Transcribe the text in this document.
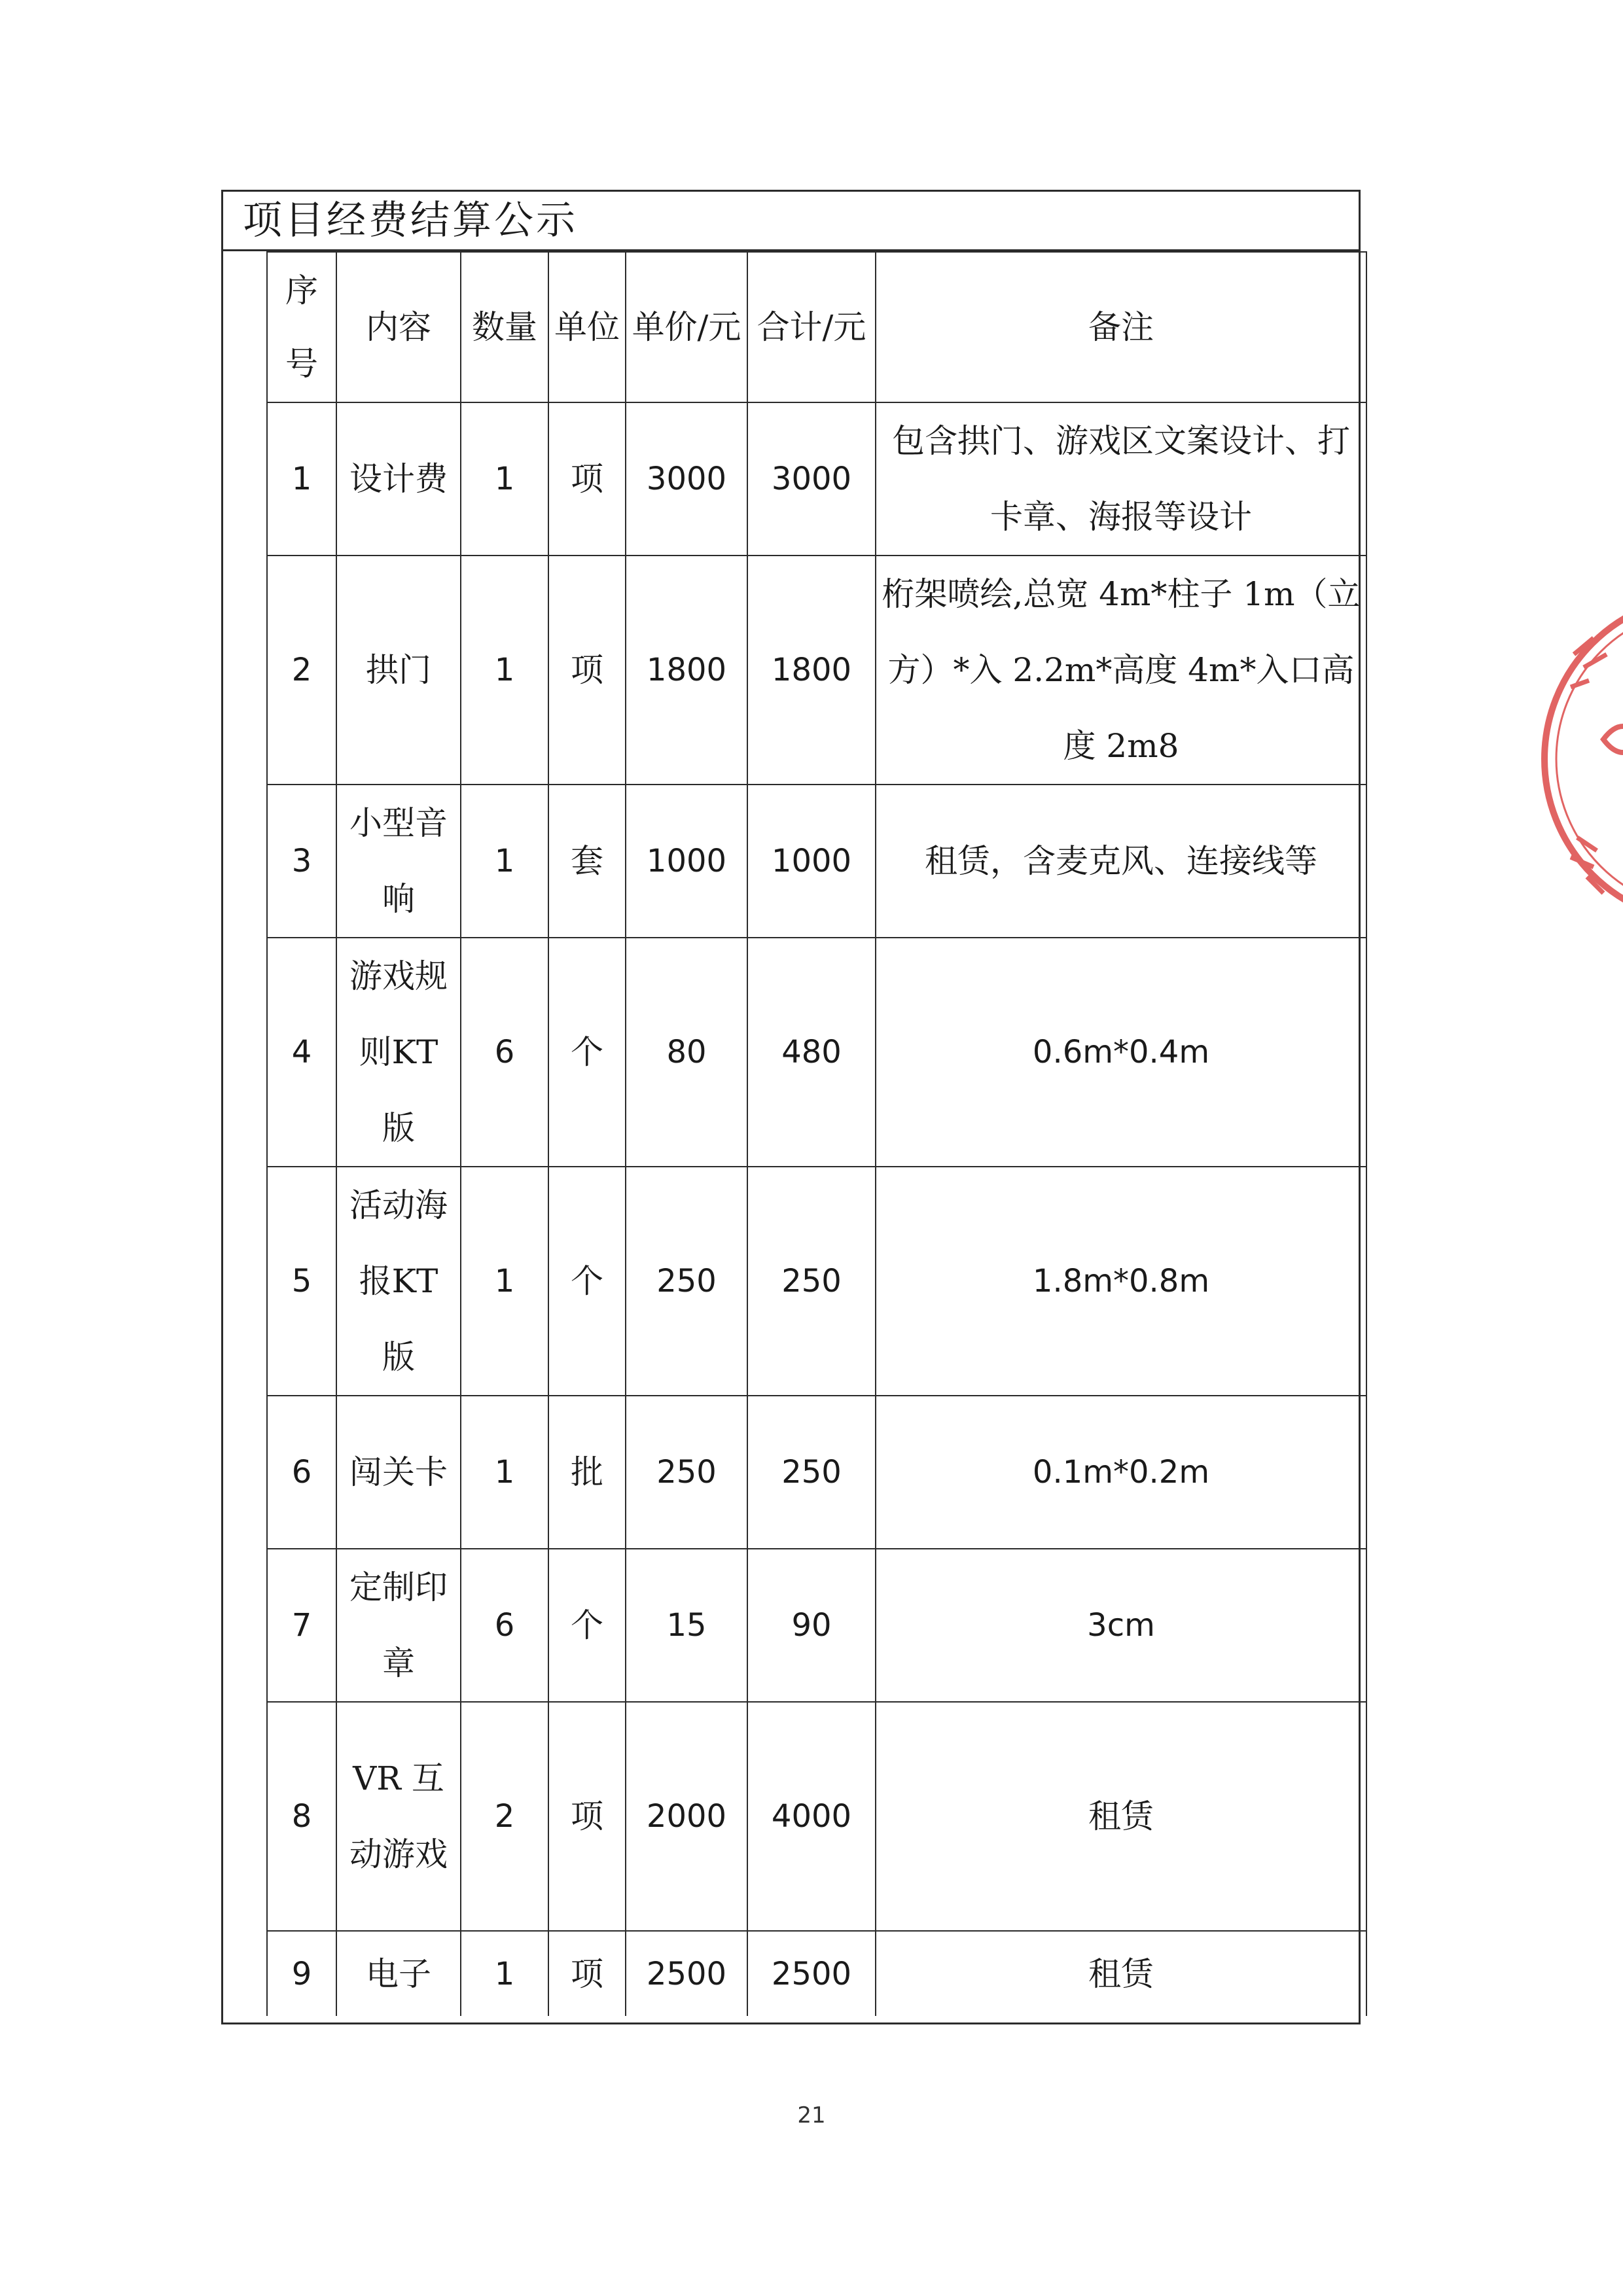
项目经费结算公示
序号	内容	数量	单位	单价/元	合计/元	备注
1	设计费	1	项	3000	3000	包含拱门、游戏区文案设计、打卡章、海报等设计
2	拱门	1	项	1800	1800	桁架喷绘,总宽 4m*柱子 1m（立方）*入 2.2m*高度 4m*入口高度 2m8
3	小型音响	1	套	1000	1000	租赁，含麦克风、连接线等
4	游戏规则KT 版	6	个	80	480	0.6m*0.4m
5	活动海报KT 版	1	个	250	250	1.8m*0.8m
6	闯关卡	1	批	250	250	0.1m*0.2m
7	定制印章	6	个	15	90	3cm
8	VR 互动游戏	2	项	2000	4000	租赁
9	电子	1	项	2500	2500	租赁
21
